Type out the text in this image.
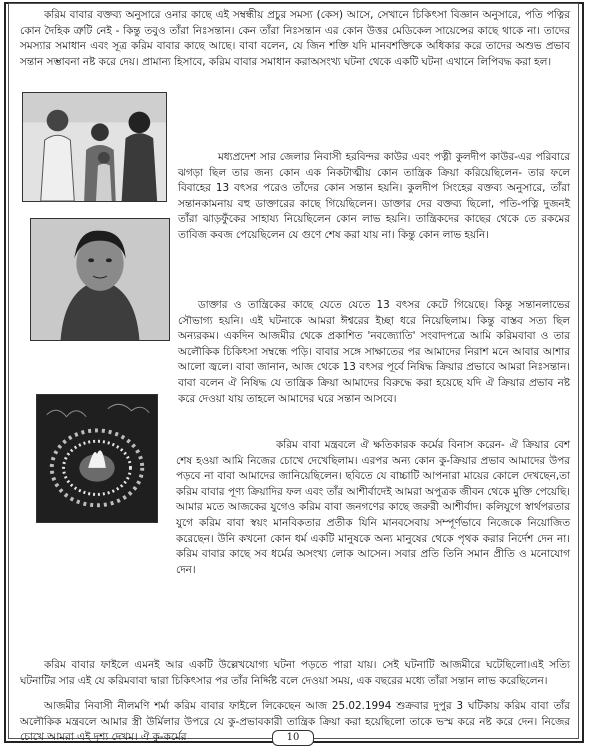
করিম বাবার বক্তব্য অনুসারে ওনার কাছে এই সম্বন্ধীয় প্রচুর সমস্য (কেস) আসে, সেখানে চিকিৎসা বিজ্ঞান অনুসারে, পতি পত্নির কোন দৈহিক ত্রুটি নেই - কিন্তু তবুও তাঁরা নিঃসন্তান। কেন তাঁরা নিঃসন্তান এর কোন উত্তর মেডিকেল সায়েন্সের কাছে থাকে না। তাদের সমস্যার সমাধান এবং সূত্র করিম বাবার কাছে আছে। বাবা বলেন, যে জিন শক্তি যদি মানবশক্তিকে অধিকার করে তাদের অশুভ প্রভাব সন্তান সম্ভাবনা নষ্ট করে দেয়। প্রামান্য হিসাবে, করিম বাবার সমাধান করাঅসংখ্য ঘটনা থেকে একটি ঘটনা এখানে লিপিবদ্ধ করা হল।

মধ্যপ্রদেশ সার জেলার নিবাসী হরবিন্দর কাউর এবং পত্নী কুলদীপ কাউর-এর পরিবারে ঝগড়া ছিল তার জন্য কোন এক নিকটাত্মীয় কোন তান্ত্রিক ক্রিয়া করিয়েছিলেন- তার ফলে বিবাহের 13 বৎসর পরেও তাঁদের কোন সন্তান হয়নি। কুলদীপ সিংহের বক্তব্য অনুসারে, তাঁরা সন্তানকামনায় বহু ডাক্তারের কাছে গিয়েছিলেন। ডাক্তার দের বক্তব্য ছিলো, পতি-পত্নি দুজনই তাঁরা ঝাড়ফুঁকের সাহায্য নিয়েছিলেন কোন লাভ হয়নি। তান্ত্রিকদের কাছের থেকে তে রকমের তাবিজ কবজ পেয়েছিলেন যে গুণে শেষ করা যায় না। কিন্তু কোন লাভ হয়নি।

ডাক্তার ও তান্ত্রিকের কাছে যেতে যেতে 13 বৎসর কেটে গিয়েছে। কিন্তু সন্তানলাভের সৌভাগ্য হয়নি। এই ঘটনাকে আমরা ঈশ্বরের ইচ্ছা ধরে নিয়েছিলাম। কিন্তু বাস্তব সত্য ছিল অন্যরকম। একদিন আজমীর থেকে প্রকাশিত 'নবজ্যোতি' সংবাদপত্রে আমি করিমবাবা ও তার অলৌকিক চিকিৎসা সম্বন্ধে পড়ি। বাবার সঙ্গে সাক্ষাতের পর আমাদের নিরাশ মনে আবার আশার আলো জ্বলে। বাবা জানান, আজ থেকে 13 বৎসর পূর্বে নিষিদ্ধ ক্রিয়ার প্রভাবে আমরা নিঃসন্তান। বাবা বলেন ঐ নিষিদ্ধ যে তান্ত্রিক ক্রিয়া আমাদের বিরুদ্ধে করা হয়েছে যদি ঐ ক্রিয়ার প্রভাব নষ্ট করে দেওয়া যায় তাহলে আমাদের ঘরে সন্তান আসবে।

করিম বাবা মন্ত্রবলে ঐ ক্ষতিকারক কর্মের বিনাস করেন- ঐ ক্রিয়ার বেশ শেষ হওয়া আমি নিজের চোখে দেখেছিলাম। এরপর অন্য কোন কু-ক্রিয়ার প্রভাব আমাদের উপর পড়বে না বাবা আমাদের জানিয়েছিলেন। ছবিতে যে বাচ্চাটি আপনারা মায়ের কোলে দেখছেন,তা করিম বাবার পূণ্য ক্রিয়াদির ফল এবং তাঁর আশীর্বাদেই আমরা অপুত্রক জীবন থেকে মুক্তি পেয়েছি। আমার মতে আজকের যুগেও করিম বাবা জনগণের কাছে জরুরী আশীর্বাদ। কলিযুগে স্বার্থপরতার যুগে করিম বাবা স্বয়ং মানবিকতার প্রতীক যিনি মানবসেবায় সম্পূর্ণভাবে নিজেকে নিয়োজিত করেছেন। উনি কখনো কোন ধর্ম একটি মানুষকে অন্য মানুষের থেকে পৃথক করার নির্দেশ দেন না। করিম বাবার কাছে সব ধর্মের অসংখ্য লোক আসেন। সবার প্রতি তিনি সমান প্রীতি ও মনোযোগ দেন।

করিম বাবার ফাইলে এমনই আর একটি উল্লেখযোগ্য ঘটনা পড়তে পারা যায়। সেই ঘটনাটি আজমীরে ঘটেছিলো।এই সত্যি ঘটনাটির সার এই যে করিমবাবা দ্বারা চিকিৎসার পর তাঁর নির্দ্দিষ্ট বলে দেওয়া সময়, এক বছরের মধ্যে তাঁরা সন্তান লাভ করেছিলেন।

আজমীর নিবাসী নীলমণি শর্মা করিম বাবার ফাইলে লিকেছেন আজ 25.02.1994 শুক্রবার দুপুর 3 ঘটিকায় করিম বাবা তাঁর অলৌকিক মন্ত্রবলে আমার স্ত্রী উর্মিলার উপরে যে কু-প্রভাবকারী তান্ত্রিক ক্রিয়া করা হয়েছিলো তাকে ভস্ম করে নষ্ট করে দেন। নিজের চোখে আমরা এই দৃশ্য দেখম। ঐ কু-কর্মের	10
